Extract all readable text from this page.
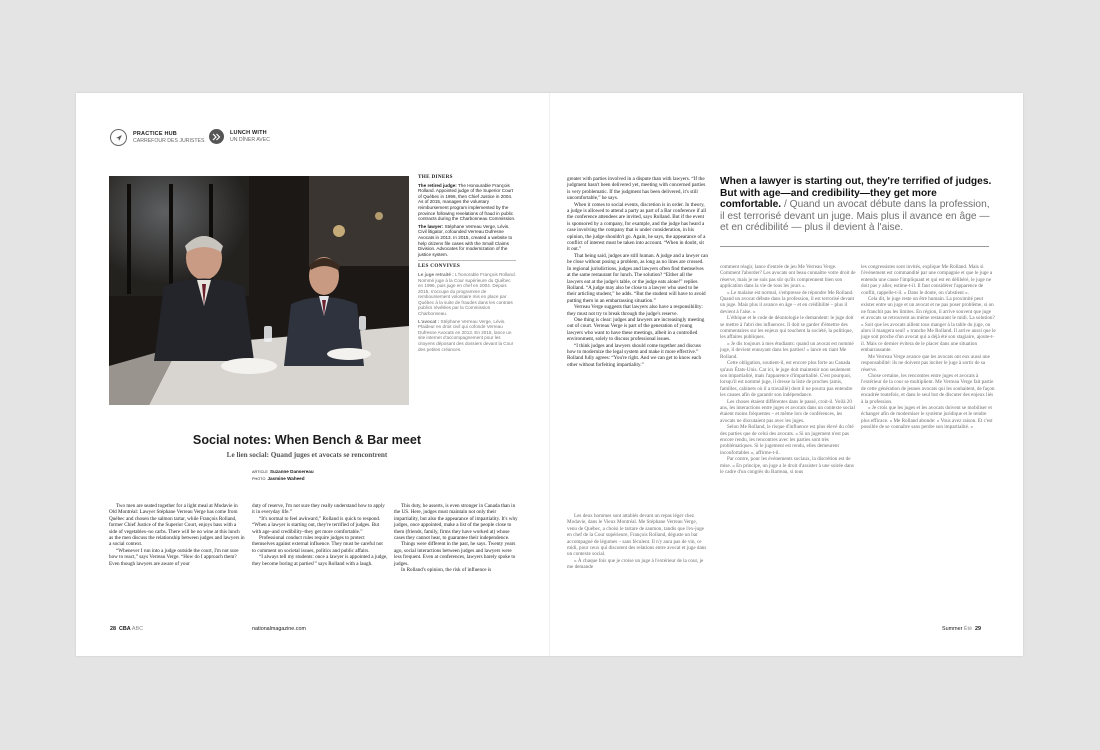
PRACTICE HUB
CARREFOUR DES JURISTES
LUNCH WITH
UN DÎNER AVEC
THE DINERS

The retired judge: The Honourable François Rolland. Appointed judge of the Superior Court of Québec in 1996, then Chief Justice in 2004. As of 2015, manages the voluntary reimbursement program implemented by the province following revelations of fraud in public contracts during the Charbonneau Commission.

The lawyer: Stéphane Verreau Verge, Lévis. Civil litigator, cofounded Verreau Dufresne Avocats in 2013. In 2015, created a website to help citizens file cases with the Small Claims Division. Advocates for modernization of the justice system.

LES CONVIVES

Le juge retraité : L'honorable François Rolland. Nommé juge à la Cour supérieure du Québec en 1996, puis juge en chef en 2004. Depuis 2015, s'occupe du programme de remboursement volontaire mis en place par Québec à la suite de fraudes dans les contrats publics révélées par la Commission Charbonneau.

L'avocat : Stéphane Verreau Verge, Lévis. Plaideur en droit civil qui cofonde Verreau Dufresne Avocats en 2013. En 2015, lance un site internet d'accompagnement pour les citoyens déposant des dossiers devant la Cour des petites créances.

Social notes: When Bench & Bar meet
Le lien social: Quand juges et avocats se rencontrent
ARTICLE Suzanne Dansereau
PHOTO Jasmine Waheed

Two men are seated together for a light meal at Modavie in Old Montréal: Lawyer Stéphane Verreau Verge has come from Québec and chosen the salmon tartar, while François Rolland, former Chief Justice of the Superior Court, enjoys bass with a side of vegetables–no carbs. There will be no wine at this lunch as the men discuss the relationship between judges and lawyers in a social context.

“Whenever I run into a judge outside the court, I'm not sure how to react,” says Verreau Verge. “How do I approach them? Even though lawyers are aware of your

duty of reserve, I'm not sure they really understand how to apply it in everyday life.”

“It's normal to feel awkward,” Rolland is quick to respond. “When a lawyer is starting out, they're terrified of judges. But with age–and credibility–they get more comfortable.”

Professional conduct rules require judges to protect themselves against external influence. They must be careful not to comment on societal issues, politics and public affairs.

“I always tell my students: once a lawyer is appointed a judge, they become boring at parties!” says Rolland with a laugh.

This duty, he asserts, is even stronger in Canada than in the US. Here, judges must maintain not only their impartiality, but also the appearance of impartiality. It's why judges, once appointed, make a list of the people close to them (friends, family, firms they have worked at) whose cases they cannot hear, to guarantee their independence.

Things were different in the past, he says. Twenty years ago, social interactions between judges and lawyers were less frequent. Even at conferences, lawyers barely spoke to judges.

In Rolland's opinion, the risk of influence is

greater with parties involved in a dispute than with lawyers. “If the judgment hasn't been delivered yet, meeting with concerned parties is very problematic. If the judgment has been delivered, it's still uncomfortable,” he says.

When it comes to social events, discretion is in order. In theory, a judge is allowed to attend a party as part of a Bar conference if all the conference attendees are invited, says Rolland. But if the event is sponsored by a company, for example, and the judge has heard a case involving the company that is under consideration, in his opinion, the judge shouldn't go. Again, he says, the appearance of a conflict of interest must be taken into account. “When in doubt, sit it out.”

That being said, judges are still human. A judge and a lawyer can be close without posing a problem, as long as no lines are crossed. In regional jurisdictions, judges and lawyers often find themselves at the same restaurant for lunch. The solution? “Either all the lawyers eat at the judge's table, or the judge eats alone!” replies Rolland. “A judge may also be close to a lawyer who used to be their articling student,” he adds. “But the student will have to avoid putting them in an embarrassing situation.”

Verreau Verge suggests that lawyers also have a responsibility: they must not try to break through the judge's reserve.

One thing is clear: judges and lawyers are increasingly meeting out of court. Verreau Verge is part of the generation of young lawyers who want to have these meetings, albeit in a controlled environment, solely to discuss professional issues.

“I think judges and lawyers should come together and discuss how to modernize the legal system and make it more effective.” Rolland fully agrees: “You're right. And we can get to know each other without forfeiting impartiality.”

Les deux hommes sont attablés devant un repas léger chez Modavie, dans le Vieux Montréal. Me Stéphane Verreau Verge, venu de Québec, a choisi le tartare de saumon, tandis que l'ex-juge en chef de la Cour supérieure, François Rolland, déguste un bar accompagné de légumes – sans féculent. Il n'y aura pas de vin, ce midi, pour ceux qui discutent des relations entre avocat et juge dans un contexte social.

« À chaque fois que je croise un juge à l'extérieur de la cour, je me demande

When a lawyer is starting out, they're terrified of judges. But with age—and credibility—they get more comfortable. / Quand un avocat débute dans la profession, il est terrorisé devant un juge. Mais plus il avance en âge — et en crédibilité — plus il devient à l'aise.

comment réagir, lance d'entrée de jeu Me Verreau Verge. Comment l'aborder? Les avocats ont beau connaître votre droit de réserve, mais je ne suis pas sûr qu'ils comprennent bien son application dans la vie de tous les jours ».

« Le malaise est normal, s'empresse de répondre Me Rolland. Quand un avocat débute dans la profession, il est terrorisé devant un juge. Mais plus il avance en âge – et en crédibilité – plus il devient à l'aise. »

L'éthique et le code de déontologie le demandent: le juge doit se mettre à l'abri des influences. Il doit se garder d'émettre des commentaires sur les enjeux qui touchent la société, la politique, les affaires publiques.

« Je dis toujours à mes étudiants: quand un avocat est nommé juge, il devient ennuyant dans les parties! » lance en riant Me Rolland.

Cette obligation, soutient-il, est encore plus forte au Canada qu'aux États-Unis. Car ici, le juge doit maintenir non seulement son impartialité, mais l'apparence d'impartialité. C'est pourquoi, lorsqu'il est nommé juge, il dresse la liste de proches (amis, familles, cabinets où il a travaillé) dont il ne pourra pas entendre les causes afin de garantir son indépendance.

Les choses étaient différentes dans le passé, croit-il. Voilà 20 ans, les interactions entre juges et avocats dans un contexte social étaient moins fréquentes – et même lors de conférences, les avocats ne discutaient pas avec les juges.

Selon Me Rolland, le risque d'influence est plus élevé du côté des parties que de celui des avocats. « Si un jugement n'est pas encore rendu, les rencontres avec les parties sont très problématiques. Si le jugement est rendu, elles demeurent inconfortables », affirme-t-il.

Par contre, pour les événements sociaux, la discrétion est de mise. « En principe, un juge a le droit d'assister à une soirée dans le cadre d'un congrès du Barreau, si tous

les congressistes sont invités, explique Me Rolland. Mais si l'événement est commandité par une compagnie et que le juge a entendu une cause l'impliquant et qui est en délibéré, le juge ne doit pas y aller, estime-t-il. Il faut considérer l'apparence de conflit, rappelle-t-il. « Dans le doute, on s'abstient ».

Cela dit, le juge reste un être humain. La proximité peut exister entre un juge et un avocat et ne pas poser problème, si on ne franchit pas les limites. En région, il arrive souvent que juge et avocats se retrouvent au même restaurant le midi. La solution? « Soit que les avocats aillent tous manger à la table du juge, ou alors il mangera seul! » tranche Me Rolland. Il arrive aussi que le juge soit proche d'un avocat qui a déjà été son stagiaire, ajoute-t-il. Mais ce dernier évitera de le placer dans une situation embarrassante.

Me Verreau Verge avance que les avocats ont eux aussi une responsabilité: ils ne doivent pas inciter le juge à sortir de sa réserve.

Chose certaine, les rencontres entre juges et avocats à l'extérieur de la cour se multiplient. Me Verreau Verge fait partie de cette génération de jeunes avocats qui les souhaitent, de façon encadrée toutefois, et dans le seul but de discuter des enjeux liés à la profession.

« Je crois que les juges et les avocats doivent se mobiliser et échanger afin de moderniser le système juridique et le rendre plus efficace. » Me Rolland abonde: « Vous avez raison. Et c'est possible de se connaître sans perdre son impartialité. »

28 CBA ABC	nationalmagazine.com	Summer Été 29
